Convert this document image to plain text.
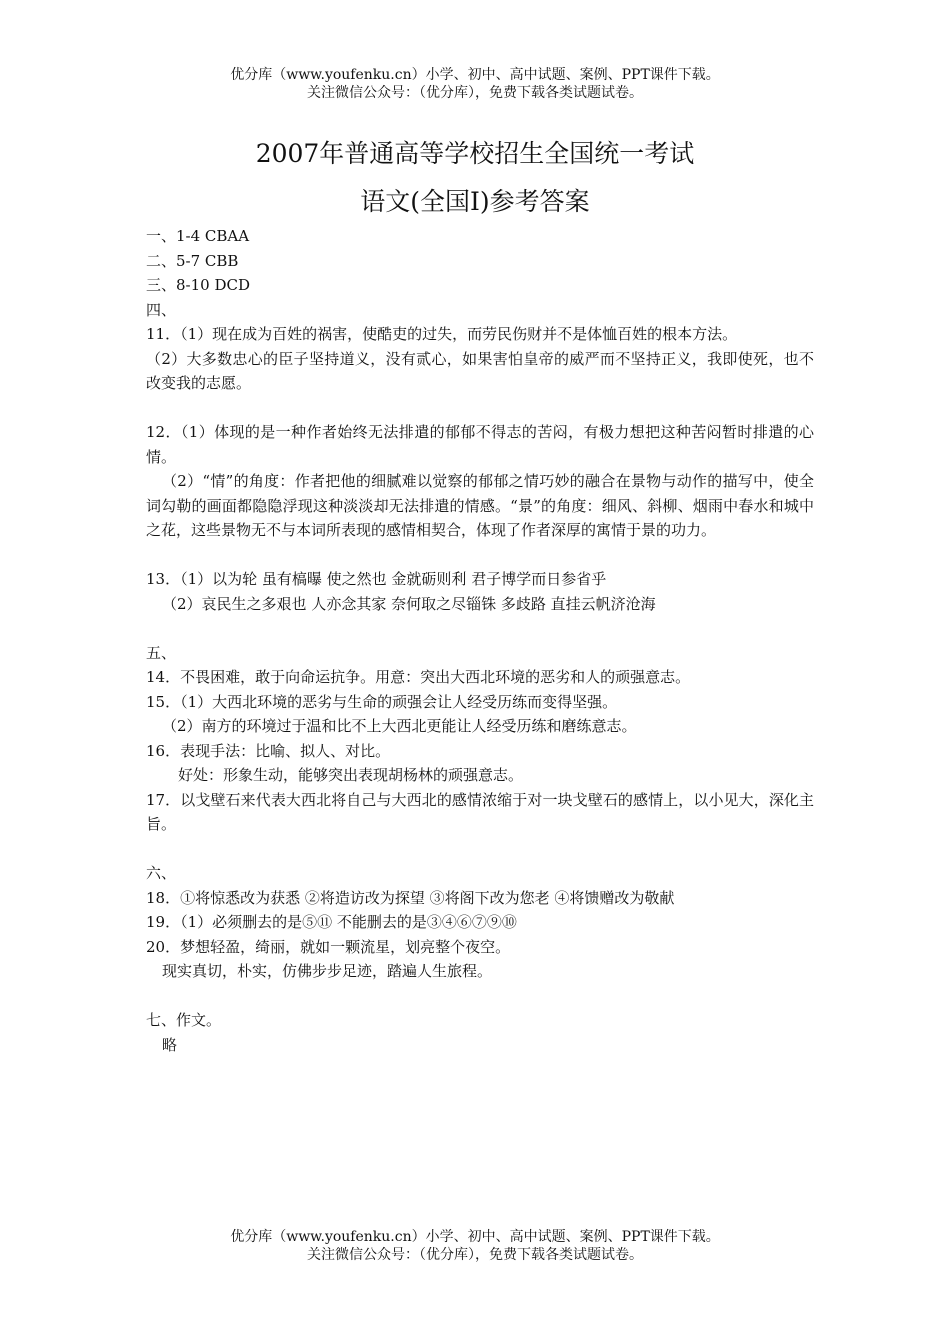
优分库（www.youfenku.cn）小学、初中、高中试题、案例、PPT课件下载。
关注微信公众号：（优分库），免费下载各类试题试卷。
2007年普通高等学校招生全国统一考试
语文(全国Ⅰ)参考答案
一、1-4 CBAA
二、5-7 CBB
三、8-10 DCD
四、
11．（1）现在成为百姓的祸害，使酷吏的过失，而劳民伤财并不是体恤百姓的根本方法。
（2）大多数忠心的臣子坚持道义，没有贰心，如果害怕皇帝的威严而不坚持正义，我即使死，也不改变我的志愿。
12．（1）体现的是一种作者始终无法排遣的郁郁不得志的苦闷，有极力想把这种苦闷暂时排遣的心情。
（2）“情”的角度：作者把他的细腻难以觉察的郁郁之情巧妙的融合在景物与动作的描写中，使全词勾勒的画面都隐隐浮现这种淡淡却无法排遣的情感。“景”的角度：细风、斜柳、烟雨中春水和城中之花，这些景物无不与本词所表现的感情相契合，体现了作者深厚的寓情于景的功力。
13．（1）以为轮 虽有槁曝 使之然也 金就砺则利 君子博学而日参省乎
（2）哀民生之多艰也 人亦念其家 奈何取之尽锱铢 多歧路 直挂云帆济沧海
五、
14．不畏困难，敢于向命运抗争。用意：突出大西北环境的恶劣和人的顽强意志。
15．（1）大西北环境的恶劣与生命的顽强会让人经受历练而变得坚强。
（2）南方的环境过于温和比不上大西北更能让人经受历练和磨练意志。
16．表现手法：比喻、拟人、对比。
好处：形象生动，能够突出表现胡杨林的顽强意志。
17．以戈壁石来代表大西北将自己与大西北的感情浓缩于对一块戈壁石的感情上，以小见大，深化主旨。
六、
18．①将惊悉改为获悉 ②将造访改为探望 ③将阁下改为您老 ④将馈赠改为敬献
19．（1）必须删去的是⑤⑪ 不能删去的是③④⑥⑦⑨⑩
20．梦想轻盈，绮丽，就如一颗流星，划亮整个夜空。
现实真切，朴实，仿佛步步足迹，踏遍人生旅程。
七、作文。
略
优分库（www.youfenku.cn）小学、初中、高中试题、案例、PPT课件下载。
关注微信公众号：（优分库），免费下载各类试题试卷。
